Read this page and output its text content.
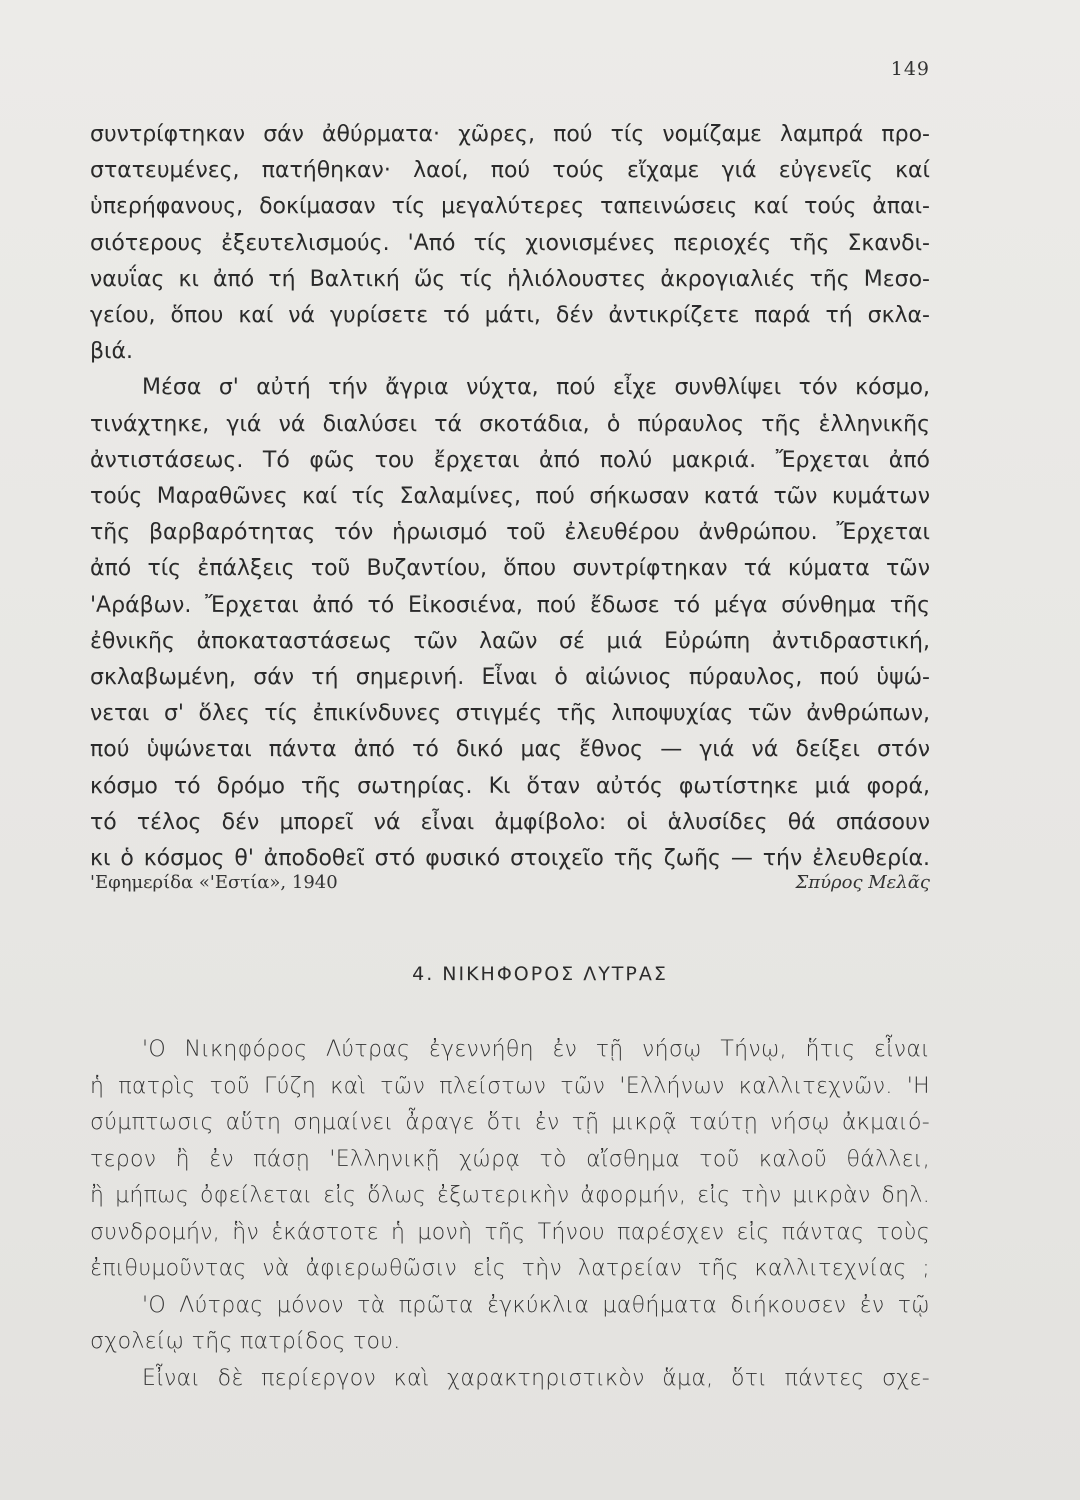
149
συντρίφτηκαν σάν ἀθύρματα· χῶρες, πού τίς νομίζαμε λαμπρά προ-
στατευμένες, πατήθηκαν· λαοί, πού τούς εἴχαμε γιά εὐγενεῖς καί
ὑπερήφανους, δοκίμασαν τίς μεγαλύτερες ταπεινώσεις καί τούς ἀπαι-
σιότερους ἐξευτελισμούς. 'Από τίς χιονισμένες περιοχές τῆς Σκανδι-
ναυΐας κι ἀπό τή Βαλτική ὥς τίς ἡλιόλουστες ἀκρογιαλιές τῆς Μεσο-
γείου, ὅπου καί νά γυρίσετε τό μάτι, δέν ἀντικρίζετε παρά τή σκλα-
βιά.
Μέσα σ' αὐτή τήν ἄγρια νύχτα, πού εἶχε συνθλίψει τόν κόσμο,
τινάχτηκε, γιά νά διαλύσει τά σκοτάδια, ὁ πύραυλος τῆς ἑλληνικῆς
ἀντιστάσεως. Τό φῶς του ἔρχεται ἀπό πολύ μακριά. Ἔρχεται ἀπό
τούς Μαραθῶνες καί τίς Σαλαμίνες, πού σήκωσαν κατά τῶν κυμάτων
τῆς βαρβαρότητας τόν ἡρωισμό τοῦ ἐλευθέρου ἀνθρώπου. Ἔρχεται
ἀπό τίς ἐπάλξεις τοῦ Βυζαντίου, ὅπου συντρίφτηκαν τά κύματα τῶν
'Αράβων. Ἔρχεται ἀπό τό Εἰκοσιένα, πού ἔδωσε τό μέγα σύνθημα τῆς
ἐθνικῆς ἀποκαταστάσεως τῶν λαῶν σέ μιά Εὐρώπη ἀντιδραστική,
σκλαβωμένη, σάν τή σημερινή. Εἶναι ὁ αἰώνιος πύραυλος, πού ὑψώ-
νεται σ' ὅλες τίς ἐπικίνδυνες στιγμές τῆς λιποψυχίας τῶν ἀνθρώπων,
πού ὑψώνεται πάντα ἀπό τό δικό μας ἔθνος — γιά νά δείξει στόν
κόσμο τό δρόμο τῆς σωτηρίας. Κι ὅταν αὐτός φωτίστηκε μιά φορά,
τό τέλος δέν μπορεῖ νά εἶναι ἀμφίβολο: οἱ ἁλυσίδες θά σπάσουν
κι ὁ κόσμος θ' ἀποδοθεῖ στό φυσικό στοιχεῖο τῆς ζωῆς — τήν ἐλευθερία.
'Εφημερίδα «'Εστία», 1940	Σπύρος Μελᾶς
4. ΝΙΚΗΦΟΡΟΣ ΛΥΤΡΑΣ
'Ο Νικηφόρος Λύτρας ἐγεννήθη ἐν τῇ νήσῳ Τήνῳ, ἥτις εἶναι
ἡ πατρὶς τοῦ Γύζη καὶ τῶν πλείστων τῶν 'Ελλήνων καλλιτεχνῶν. 'Η
σύμπτωσις αὕτη σημαίνει ἆραγε ὅτι ἐν τῇ μικρᾷ ταύτῃ νήσῳ ἀκμαιό-
τερον ἢ ἐν πάσῃ 'Ελληνικῇ χώρᾳ τὸ αἴσθημα τοῦ καλοῦ θάλλει,
ἢ μήπως ὀφείλεται εἰς ὅλως ἐξωτερικὴν ἀφορμήν, εἰς τὴν μικρὰν δηλ.
συνδρομήν, ἣν ἑκάστοτε ἡ μονὴ τῆς Τήνου παρέσχεν εἰς πάντας τοὺς
ἐπιθυμοῦντας νὰ ἀφιερωθῶσιν εἰς τὴν λατρείαν τῆς καλλιτεχνίας ;
'Ο Λύτρας μόνον τὰ πρῶτα ἐγκύκλια μαθήματα διήκουσεν ἐν τῷ
σχολείῳ τῆς πατρίδος του.
Εἶναι δὲ περίεργον καὶ χαρακτηριστικὸν ἅμα, ὅτι πάντες σχε-
